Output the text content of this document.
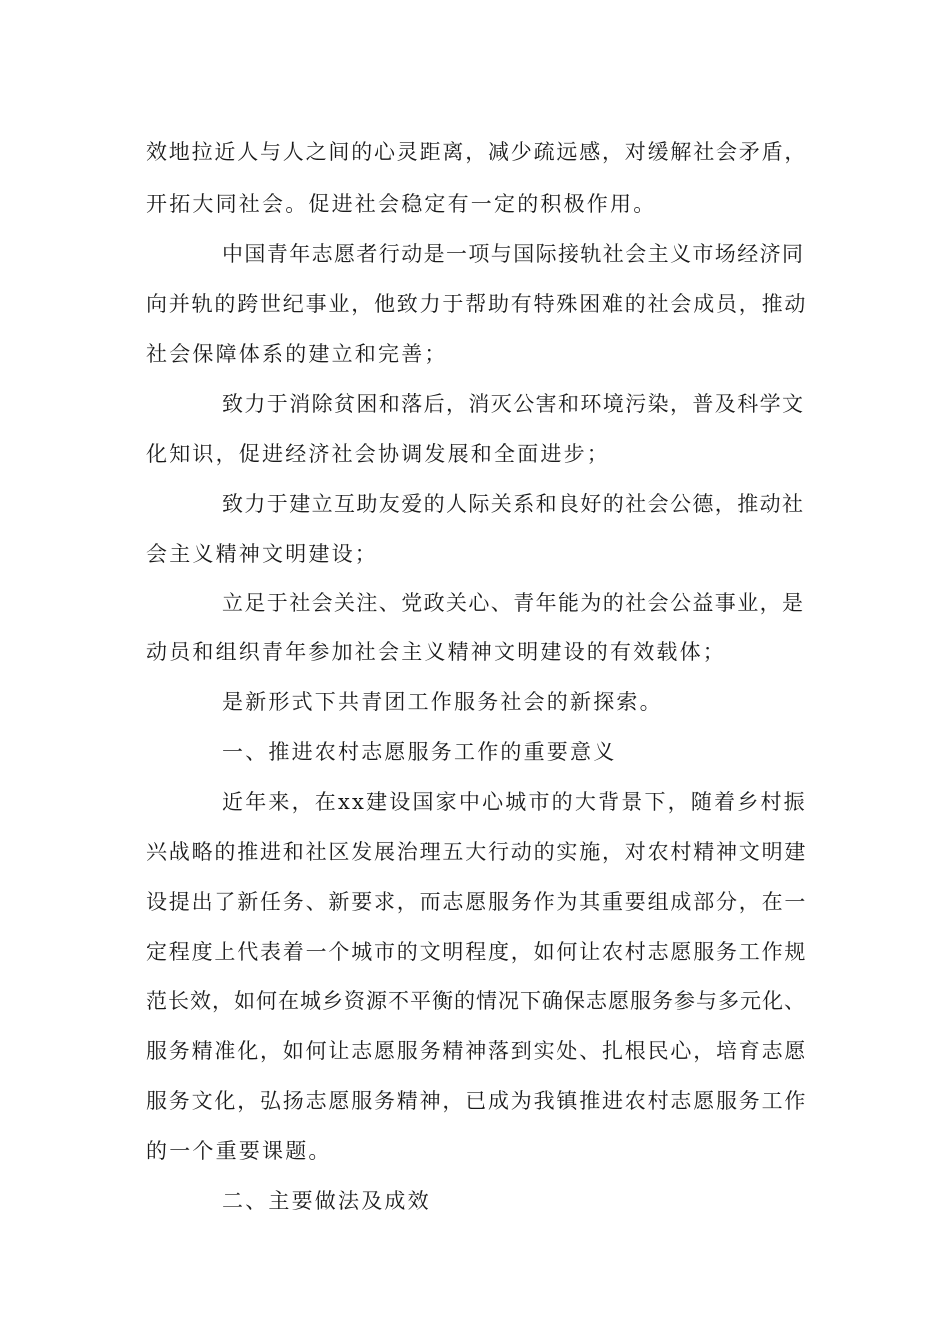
效地拉近人与人之间的心灵距离，减少疏远感，对缓解社会矛盾，
开拓大同社会。促进社会稳定有一定的积极作用。
中国青年志愿者行动是一项与国际接轨社会主义市场经济同
向并轨的跨世纪事业，他致力于帮助有特殊困难的社会成员，推动
社会保障体系的建立和完善；
致力于消除贫困和落后，消灭公害和环境污染，普及科学文
化知识，促进经济社会协调发展和全面进步；
致力于建立互助友爱的人际关系和良好的社会公德，推动社
会主义精神文明建设；
立足于社会关注、党政关心、青年能为的社会公益事业，是
动员和组织青年参加社会主义精神文明建设的有效载体；
是新形式下共青团工作服务社会的新探索。
一、推进农村志愿服务工作的重要意义
近年来，在xx建设国家中心城市的大背景下，随着乡村振
兴战略的推进和社区发展治理五大行动的实施，对农村精神文明建
设提出了新任务、新要求，而志愿服务作为其重要组成部分，在一
定程度上代表着一个城市的文明程度，如何让农村志愿服务工作规
范长效，如何在城乡资源不平衡的情况下确保志愿服务参与多元化、
服务精准化，如何让志愿服务精神落到实处、扎根民心，培育志愿
服务文化，弘扬志愿服务精神，已成为我镇推进农村志愿服务工作
的一个重要课题。
二、主要做法及成效
